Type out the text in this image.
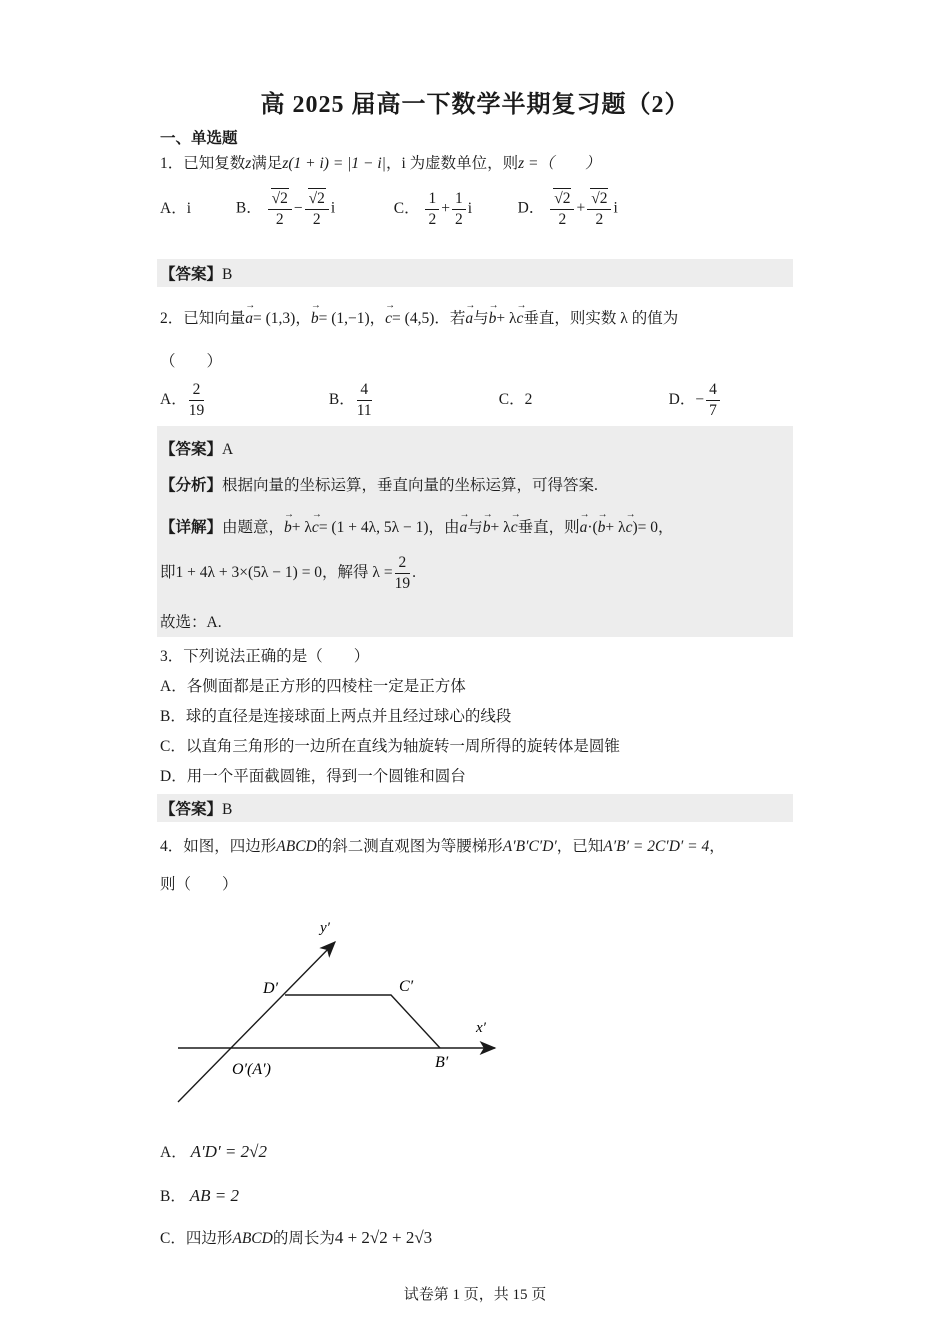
高 2025 届高一下数学半期复习题（2）
一、单选题
1．已知复数z满足z(1 + i) = |1 − i|，i 为虚数单位，则z =（　　）
A．i	B． $\frac{√2}{2} - \frac{√2}{2}$ i	C． $\frac{1}{2} + \frac{1}{2}$ i	D． $\frac{√2}{2} + \frac{√2}{2}$ i
【答案】B
2．已知向量→ a= (1,3)，→ b= (1,−1)，→ c= (4,5)．若→ a与→ b+ λ→ c垂直，则实数 λ 的值为
（　　）
A． $\frac{2}{19}$	B． $\frac{4}{11}$	C．2	D．− $\frac{4}{7}$
【答案】A
【分析】根据向量的坐标运算，垂直向量的坐标运算，可得答案.
【详解】由题意，→ b+ λ→ c= (1 + 4λ, 5λ − 1)，由→ a与→ b+ λ→ c垂直，则→ a·(→ b+ λ→ c)= 0，
即1 + 4λ + 3×(5λ − 1) = 0，解得 $\lambda = \frac{2}{19}$ .
故选：A.
3．下列说法正确的是（　　）
A．各侧面都是正方形的四棱柱一定是正方体
B．球的直径是连接球面上两点并且经过球心的线段
C．以直角三角形的一边所在直线为轴旋转一周所得的旋转体是圆锥
D．用一个平面截圆锥，得到一个圆锥和圆台
【答案】B
4．如图，四边形ABCD的斜二测直观图为等腰梯形A′B′C′D′，已知A′B′ = 2C′D′ = 4，
则（　　）
y′
x′
D′	C′
B′
O′(A′)
A． A′D′ = 2√2
B． AB = 2
C．四边形ABCD的周长为4 + 2√2 + 2√3
试卷第 1 页，共 15 页
